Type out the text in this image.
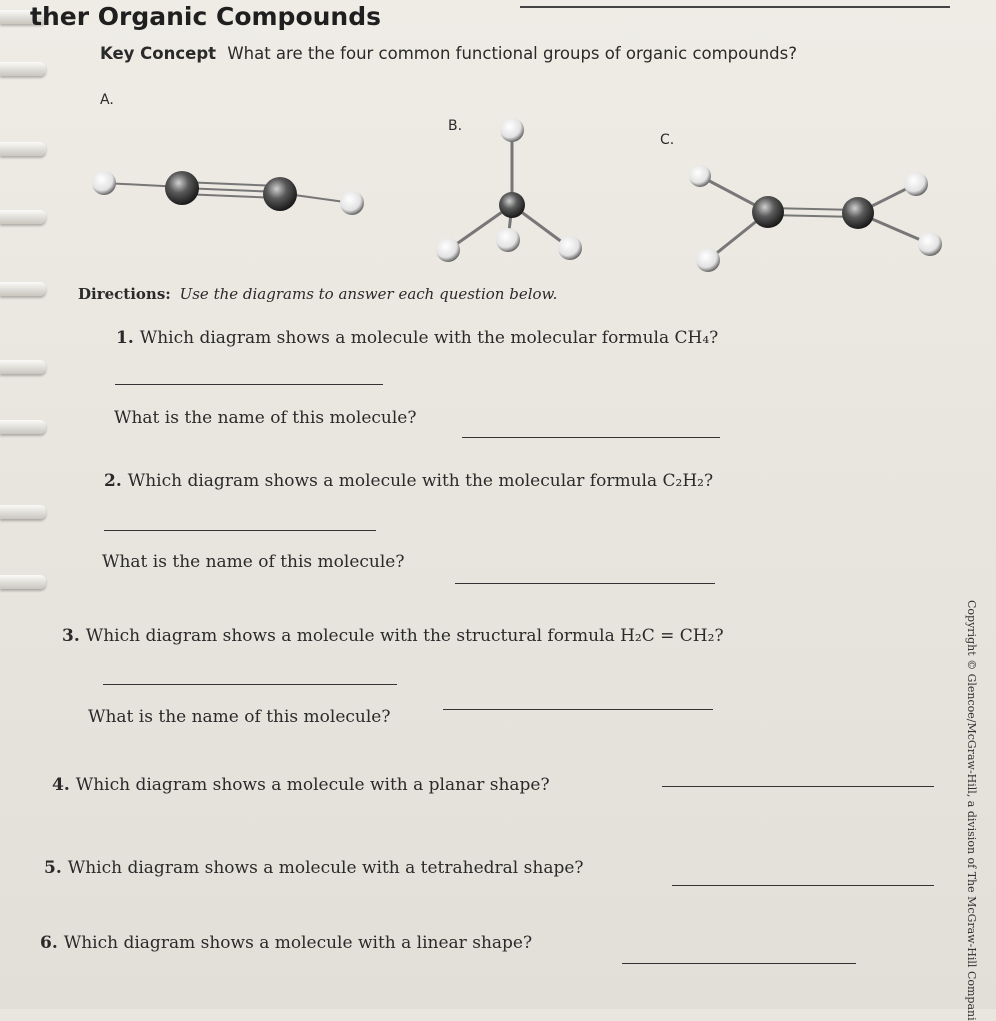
ther Organic Compounds
Key Concept What are the four common functional groups of organic compounds?
A.
B.
C.
Directions: Use the diagrams to answer each question below.
1. Which diagram shows a molecule with the molecular formula CH₄?
What is the name of this molecule?
2. Which diagram shows a molecule with the molecular formula C₂H₂?
What is the name of this molecule?
3. Which diagram shows a molecule with the structural formula H₂C = CH₂?
What is the name of this molecule?
4. Which diagram shows a molecule with a planar shape?
5. Which diagram shows a molecule with a tetrahedral shape?
6. Which diagram shows a molecule with a linear shape?	Copyright © Glencoe/McGraw-Hill, a division of The McGraw-Hill Compani
